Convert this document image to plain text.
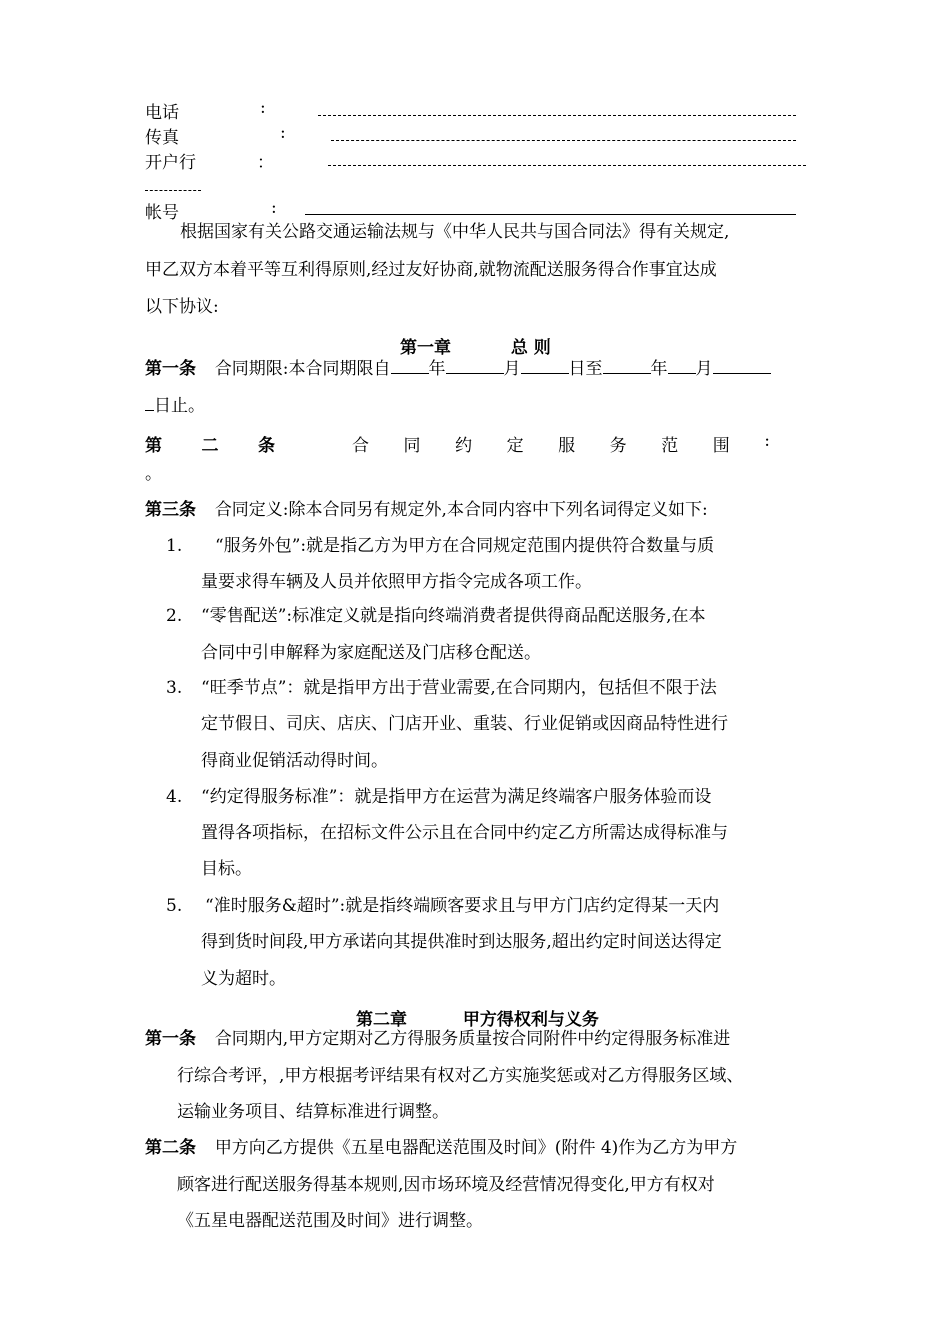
电话	:
传真	:
开户行	：
帐号	:
根据国家有关公路交通运输法规与《中华人民共与国合同法》得有关规定,
甲乙双方本着平等互利得原则,经过友好协商,就物流配送服务得合作事宜达成
以下协议:
第一章	总 则
第一条 合同期限:本合同期限自 年	月	日至	年 月
日止。
第 二 条	合 同 约 定 服 务 范 围 :
。
第三条 合同定义:除本合同另有规定外,本合同内容中下列名词得定义如下:
1. “服务外包”:就是指乙方为甲方在合同规定范围内提供符合数量与质
量要求得车辆及人员并依照甲方指令完成各项工作。
2. “零售配送”:标准定义就是指向终端消费者提供得商品配送服务,在本
合同中引申解释为家庭配送及门店移仓配送。
3. “旺季节点”：就是指甲方出于营业需要,在合同期内，包括但不限于法
定节假日、司庆、店庆、门店开业、重装、行业促销或因商品特性进行
得商业促销活动得时间。
4. “约定得服务标准”：就是指甲方在运营为满足终端客户服务体验而设
置得各项指标，在招标文件公示且在合同中约定乙方所需达成得标准与
目标。
5. “准时服务&超时”:就是指终端顾客要求且与甲方门店约定得某一天内
得到货时间段,甲方承诺向其提供准时到达服务,超出约定时间送达得定
义为超时。
第二章	甲方得权利与义务
第一条 合同期内,甲方定期对乙方得服务质量按合同附件中约定得服务标准进
行综合考评，,甲方根据考评结果有权对乙方实施奖惩或对乙方得服务区域、
运输业务项目、结算标准进行调整。
第二条 甲方向乙方提供《五星电器配送范围及时间》(附件 4)作为乙方为甲方
顾客进行配送服务得基本规则,因市场环境及经营情况得变化,甲方有权对
《五星电器配送范围及时间》进行调整。
